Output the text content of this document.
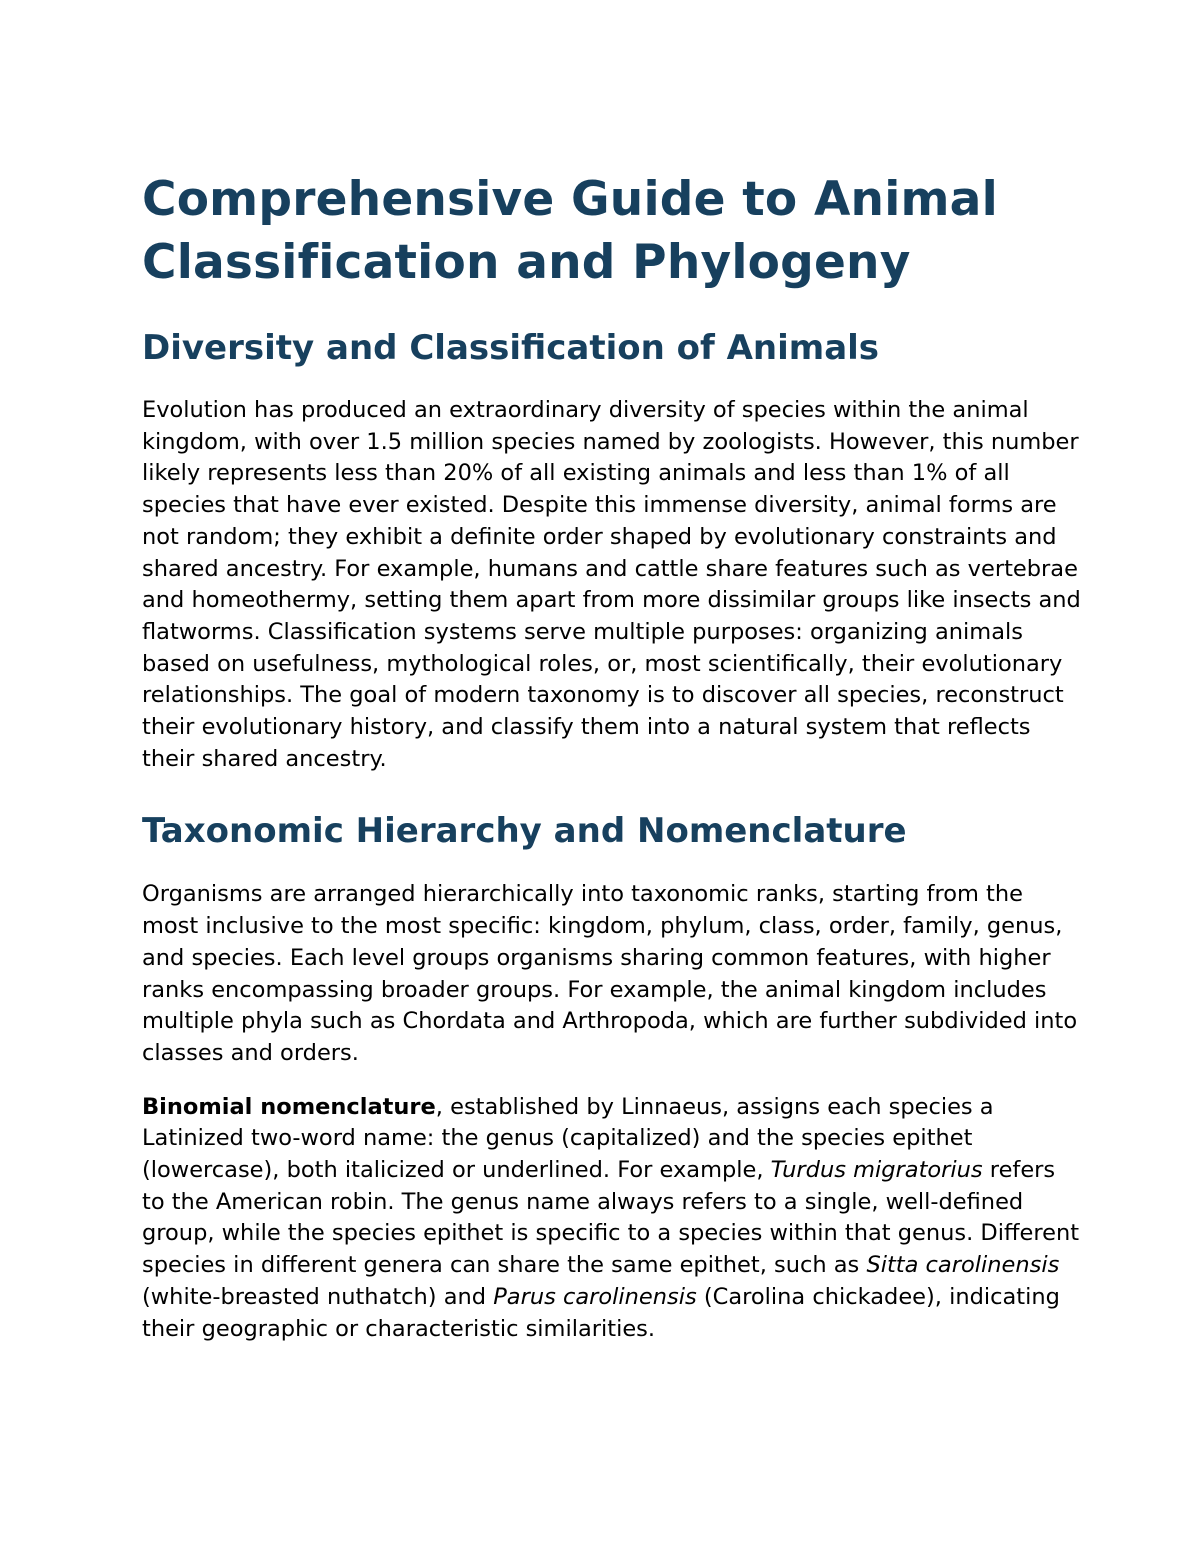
Comprehensive Guide to Animal Classification and Phylogeny
Diversity and Classification of Animals

Evolution has produced an extraordinary diversity of species within the animal kingdom, with over 1.5 million species named by zoologists. However, this number likely represents less than 20% of all existing animals and less than 1% of all species that have ever existed. Despite this immense diversity, animal forms are not random; they exhibit a definite order shaped by evolutionary constraints and shared ancestry. For example, humans and cattle share features such as vertebrae and homeothermy, setting them apart from more dissimilar groups like insects and flatworms. Classification systems serve multiple purposes: organizing animals based on usefulness, mythological roles, or, most scientifically, their evolutionary relationships. The goal of modern taxonomy is to discover all species, reconstruct their evolutionary history, and classify them into a natural system that reflects their shared ancestry.

Taxonomic Hierarchy and Nomenclature

Organisms are arranged hierarchically into taxonomic ranks, starting from the most inclusive to the most specific: kingdom, phylum, class, order, family, genus, and species. Each level groups organisms sharing common features, with higher ranks encompassing broader groups. For example, the animal kingdom includes multiple phyla such as Chordata and Arthropoda, which are further subdivided into classes and orders.

Binomial nomenclature, established by Linnaeus, assigns each species a Latinized two-word name: the genus (capitalized) and the species epithet (lowercase), both italicized or underlined. For example, Turdus migratorius refers to the American robin. The genus name always refers to a single, well-defined group, while the species epithet is specific to a species within that genus. Different species in different genera can share the same epithet, such as Sitta carolinensis (white-breasted nuthatch) and Parus carolinensis (Carolina chickadee), indicating their geographic or characteristic similarities.
